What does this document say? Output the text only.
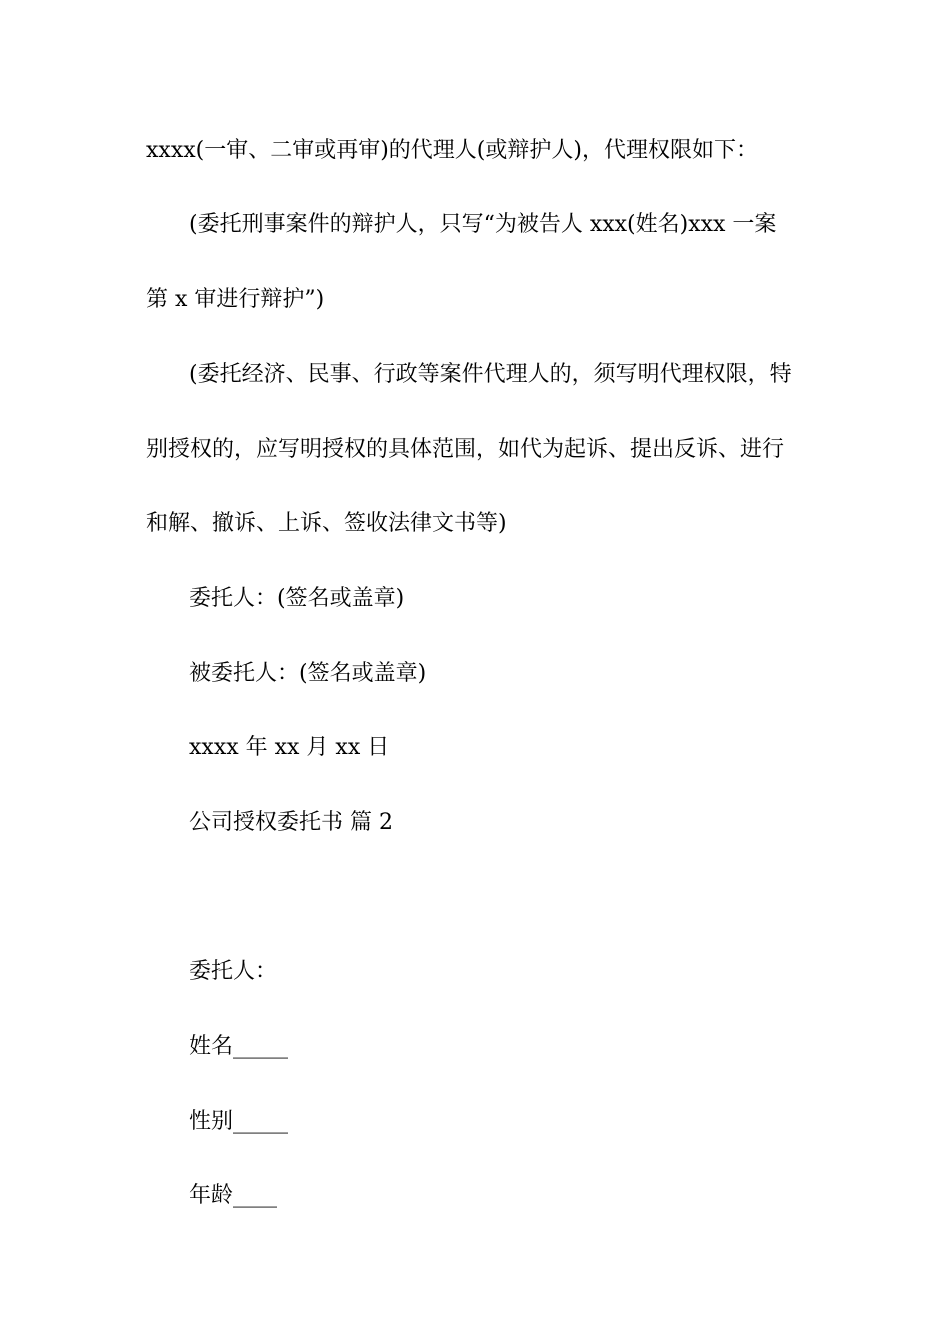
xxxx(一审、二审或再审)的代理人(或辩护人)，代理权限如下：
(委托刑事案件的辩护人，只写“为被告人 xxx(姓名)xxx 一案
第 x 审进行辩护”)
(委托经济、民事、行政等案件代理人的，须写明代理权限，特
别授权的，应写明授权的具体范围，如代为起诉、提出反诉、进行
和解、撤诉、上诉、签收法律文书等)
委托人：(签名或盖章)
被委托人：(签名或盖章)
xxxx 年 xx 月 xx 日
公司授权委托书 篇 2
委托人：
姓名_____
性别_____
年龄____
